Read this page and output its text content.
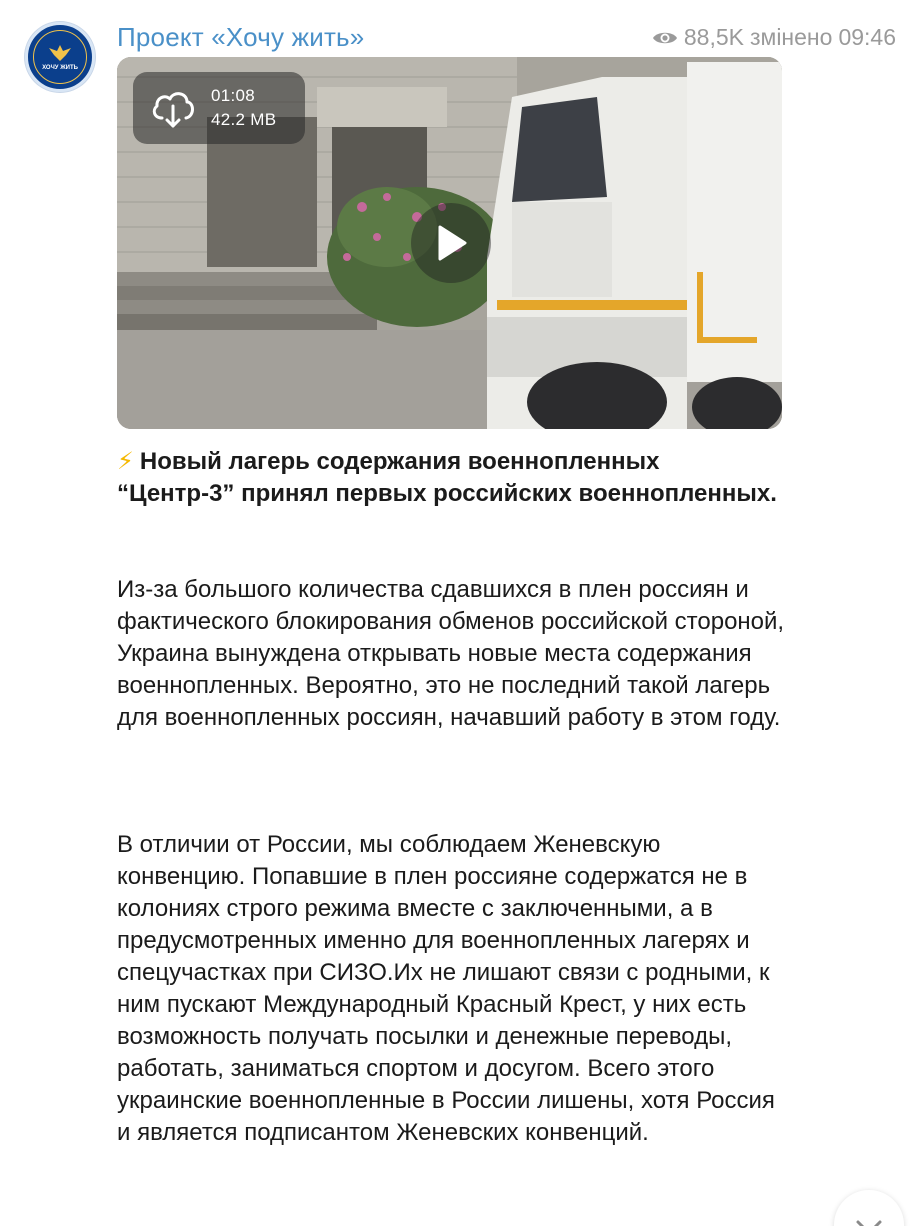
ХОЧУ ЖИТЬ
Проект «Хочу жить»	88,5K змінено 09:46
01:08
42.2 MB
⚡ Новый лагерь содержания военнопленных “Центр-3” принял первых российских военнопленных.
Из-за большого количества сдавшихся в плен россиян и фактического блокирования обменов российской стороной, Украина вынуждена открывать новые места содержания военнопленных. Вероятно, это не последний такой лагерь для военнопленных россиян, начавший работу в этом году.
В отличии от России, мы соблюдаем Женевскую конвенцию. Попавшие в плен россияне содержатся не в колониях строго режима вместе с заключенными, а в предусмотренных именно для военнопленных лагерях и спецучастках при СИЗО.Их не лишают связи с родными, к ним пускают Международный Красный Крест, у них есть возможность получать посылки и денежные переводы, работать, заниматься спортом и досугом. Всего этого украинские военнопленные в России лишены, хотя Россия и является подписантом Женевских конвенций.
